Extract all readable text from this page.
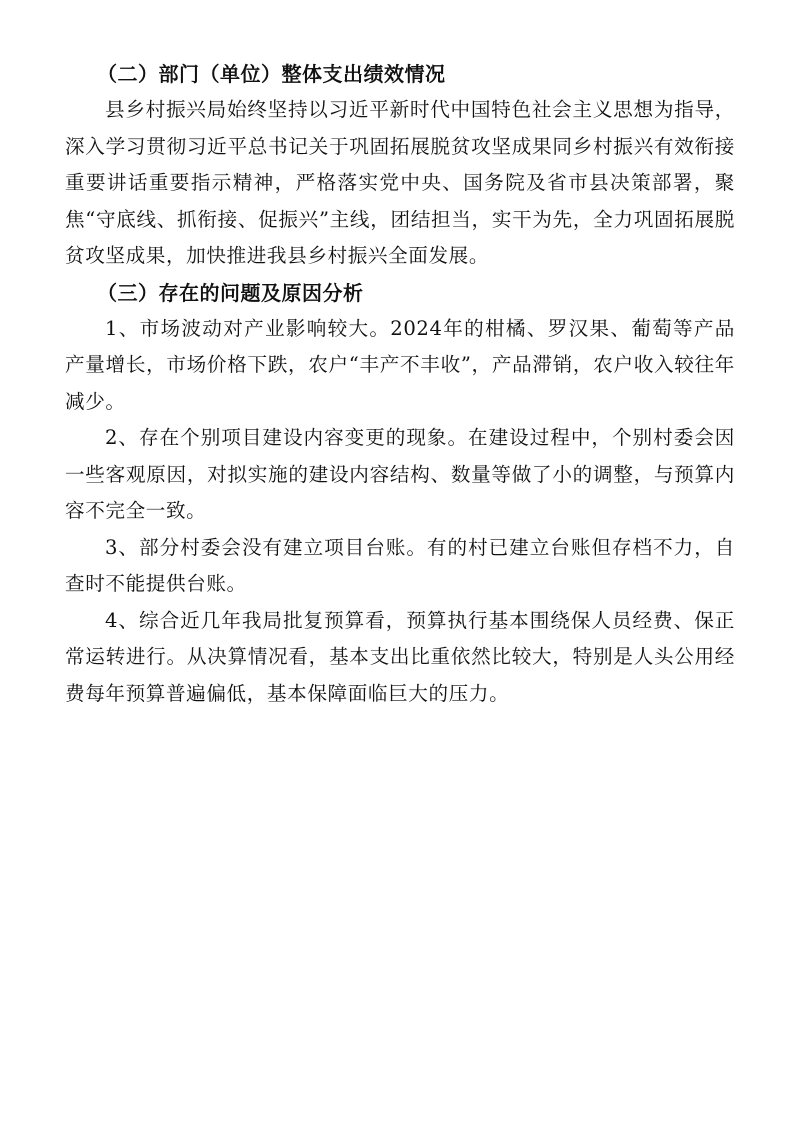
（二）部门（单位）整体支出绩效情况

县乡村振兴局始终坚持以习近平新时代中国特色社会主义思想为指导，深入学习贯彻习近平总书记关于巩固拓展脱贫攻坚成果同乡村振兴有效衔接重要讲话重要指示精神，严格落实党中央、国务院及省市县决策部署，聚焦“守底线、抓衔接、促振兴”主线，团结担当，实干为先，全力巩固拓展脱贫攻坚成果，加快推进我县乡村振兴全面发展。

（三）存在的问题及原因分析

1、市场波动对产业影响较大。2024年的柑橘、罗汉果、葡萄等产品产量增长，市场价格下跌，农户“丰产不丰收”，产品滞销，农户收入较往年减少。

2、存在个别项目建设内容变更的现象。在建设过程中，个别村委会因一些客观原因，对拟实施的建设内容结构、数量等做了小的调整，与预算内容不完全一致。

3、部分村委会没有建立项目台账。有的村已建立台账但存档不力，自查时不能提供台账。

4、综合近几年我局批复预算看，预算执行基本围绕保人员经费、保正常运转进行。从决算情况看，基本支出比重依然比较大，特别是人头公用经费每年预算普遍偏低，基本保障面临巨大的压力。
